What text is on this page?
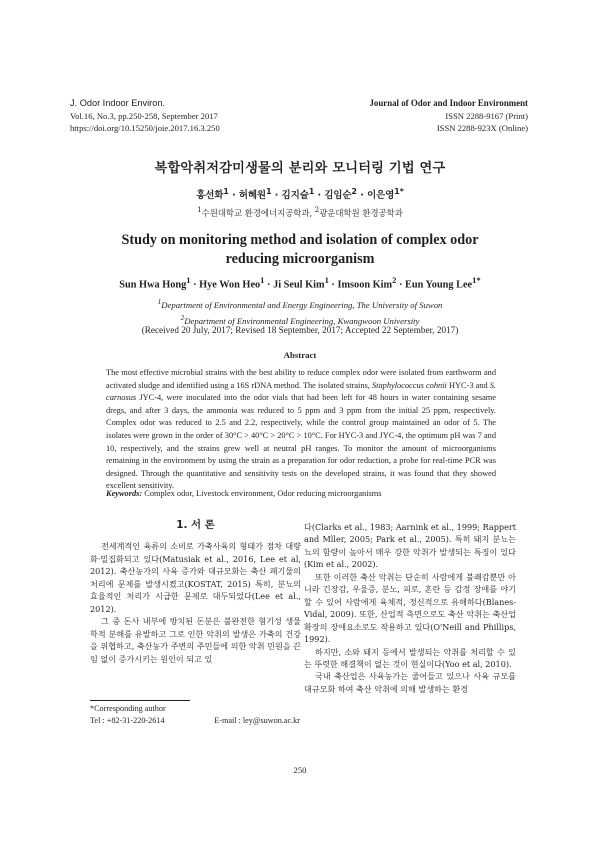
J. Odor Indoor Environ.
Vol.16, No.3, pp.250-258, September 2017
https://doi.org/10.15250/joie.2017.16.3.250
Journal of Odor and Indoor Environment
ISSN 2288-9167 (Print)
ISSN 2288-923X (Online)
복합악취저감미생물의 분리와 모니터링 기법 연구
홍선화$^1$ · 허혜원$^1$ · 김지슬$^1$ · 김임순$^2$ · 이은영$^{1*}$
$^1$수원대학교 환경에너지공학과, $^2$광운대학원 환경공학과
Study on monitoring method and isolation of complex odor
reducing microorganism
Sun Hwa Hong$^1$ · Hye Won Heo$^1$ · Ji Seul Kim$^1$ · Imsoon Kim$^2$ · Eun Young Lee$^{1*}$
$^1$Department of Environmental and Energy Engineering, The University of Suwon
$^2$Department of Environmental Engineering, Kwangwoon University
(Received 20 July, 2017; Revised 18 September, 2017; Accepted 22 September, 2017)
Abstract
The most effective microbial strains with the best ability to reduce complex odor were isolated from earthworm and activated sludge and identified using a 16S rDNA method. The isolated strains, Staphylococcus cohnii HYC-3 and S. carnosus JYC-4, were inoculated into the odor vials that had been left for 48 hours in water containing sesame dregs, and after 3 days, the ammonia was reduced to 5 ppm and 3 ppm from the initial 25 ppm, respectively. Complex odor was reduced to 2.5 and 2.2, respectively, while the control group maintained an odor of 5. The isolates were grown in the order of 30°C > 40°C > 20°C > 10°C. For HYC-3 and JYC-4, the optimum pH was 7 and 10, respectively, and the strains grew well at neutral pH ranges. To monitor the amount of microorganisms remaining in the environment by using the strain as a preparation for odor reduction, a probe for real-time PCR was designed. Through the quantitative and sensitivity tests on the developed strains, it was found that they showed excellent sensitivity.
Keywords: Complex odor, Livestock environment, Odor reducing microorganisms
1. 서 론

전세계적인 육류의 소비로 가축사육의 형태가 점차 대량화·밀집화되고 있다(Matusiak et al., 2016, Lee et al, 2012). 축산농가의 사육 증가와 대규모화는 축산 폐기물의 처리에 문제를 발생시켰고(KOSTAT, 2015) 특히, 분뇨의 효율적인 처리가 시급한 문제로 대두되었다(Lee et al., 2012).

그 중 돈사 내부에 방치된 돈분은 불완전한 혐기성 생물학적 분해를 유발하고 그로 인한 악취의 발생은 가축의 건강을 위협하고, 축산농가 주변의 주민들에 의한 악취 민원을 끈임 없이 증가시키는 원인이 되고 있

다(Clarks et al., 1983; Aarnink et al., 1999; Rappert and Mller, 2005; Park et al., 2005). 특히 돼지 분뇨는 뇨의 함량이 높아서 매우 강한 악취가 발생되는 특징이 있다(Kim et al., 2002).

또한 이러한 축산 악취는 단순히 사람에게 불쾌감뿐만 아니라 긴장감, 우울증, 분노, 피로, 혼란 등 감정 장애를 야기할 수 있어 사람에게 육체적, 정신적으로 유해하다(Blanes-Vidal, 2009). 또한, 산업적 측면으로도 축산 악취는 축산업 확장의 장애요소로도 작용하고 있다(O'Neill and Phillips, 1992).

하지만, 소와 돼지 등에서 발생되는 악취를 처리할 수 있는 뚜렷한 해결책이 없는 것이 현실이다(Yoo et al, 2010).

국내 축산업은 사육농가는 줄어들고 있으나 사육 규모를 대규모화 하여 축산 악취에 의해 발생하는 환경

*Corresponding author
Tel : +82-31-220-2614	E-mail : ley@suwon.ac.kr
250
